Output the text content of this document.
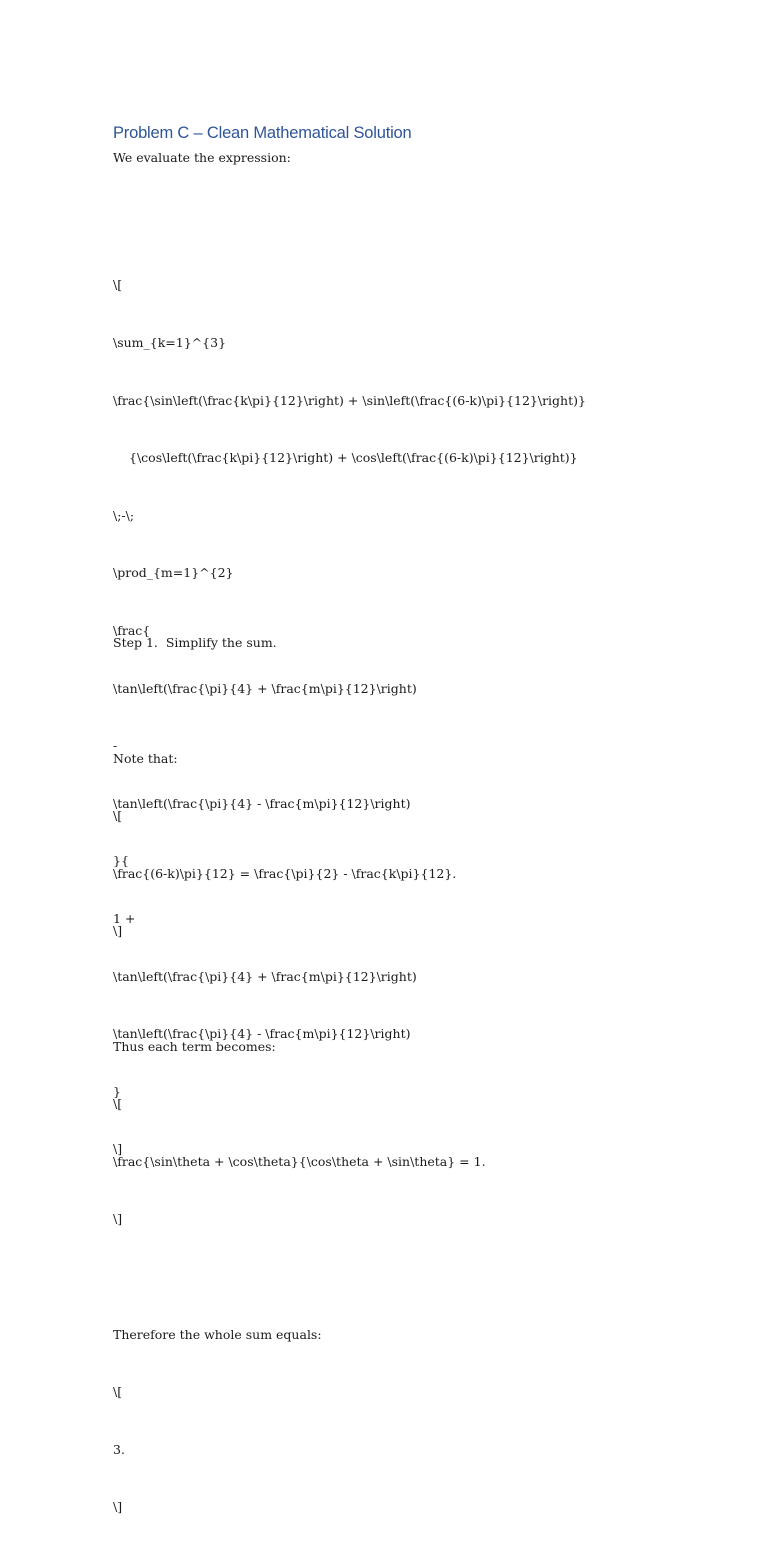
Problem C – Clean Mathematical Solution
We evaluate the expression:

\[

\sum_{k=1}^{3}

\frac{\sin\left(\frac{k\pi}{12}\right) + \sin\left(\frac{(6-k)\pi}{12}\right)}

{\cos\left(\frac{k\pi}{12}\right) + \cos\left(\frac{(6-k)\pi}{12}\right)}

\;-\;

\prod_{m=1}^{2}

\frac{

\tan\left(\frac{\pi}{4} + \frac{m\pi}{12}\right)

-

\tan\left(\frac{\pi}{4} - \frac{m\pi}{12}\right)

}{

1 +

\tan\left(\frac{\pi}{4} + \frac{m\pi}{12}\right)

\tan\left(\frac{\pi}{4} - \frac{m\pi}{12}\right)

}

\]

Step 1.  Simplify the sum.

Note that:

\[

\frac{(6-k)\pi}{12} = \frac{\pi}{2} - \frac{k\pi}{12}.

\]

Thus each term becomes:

\[

\frac{\sin\theta + \cos\theta}{\cos\theta + \sin\theta} = 1.

\]

Therefore the whole sum equals:

\[

3.

\]
